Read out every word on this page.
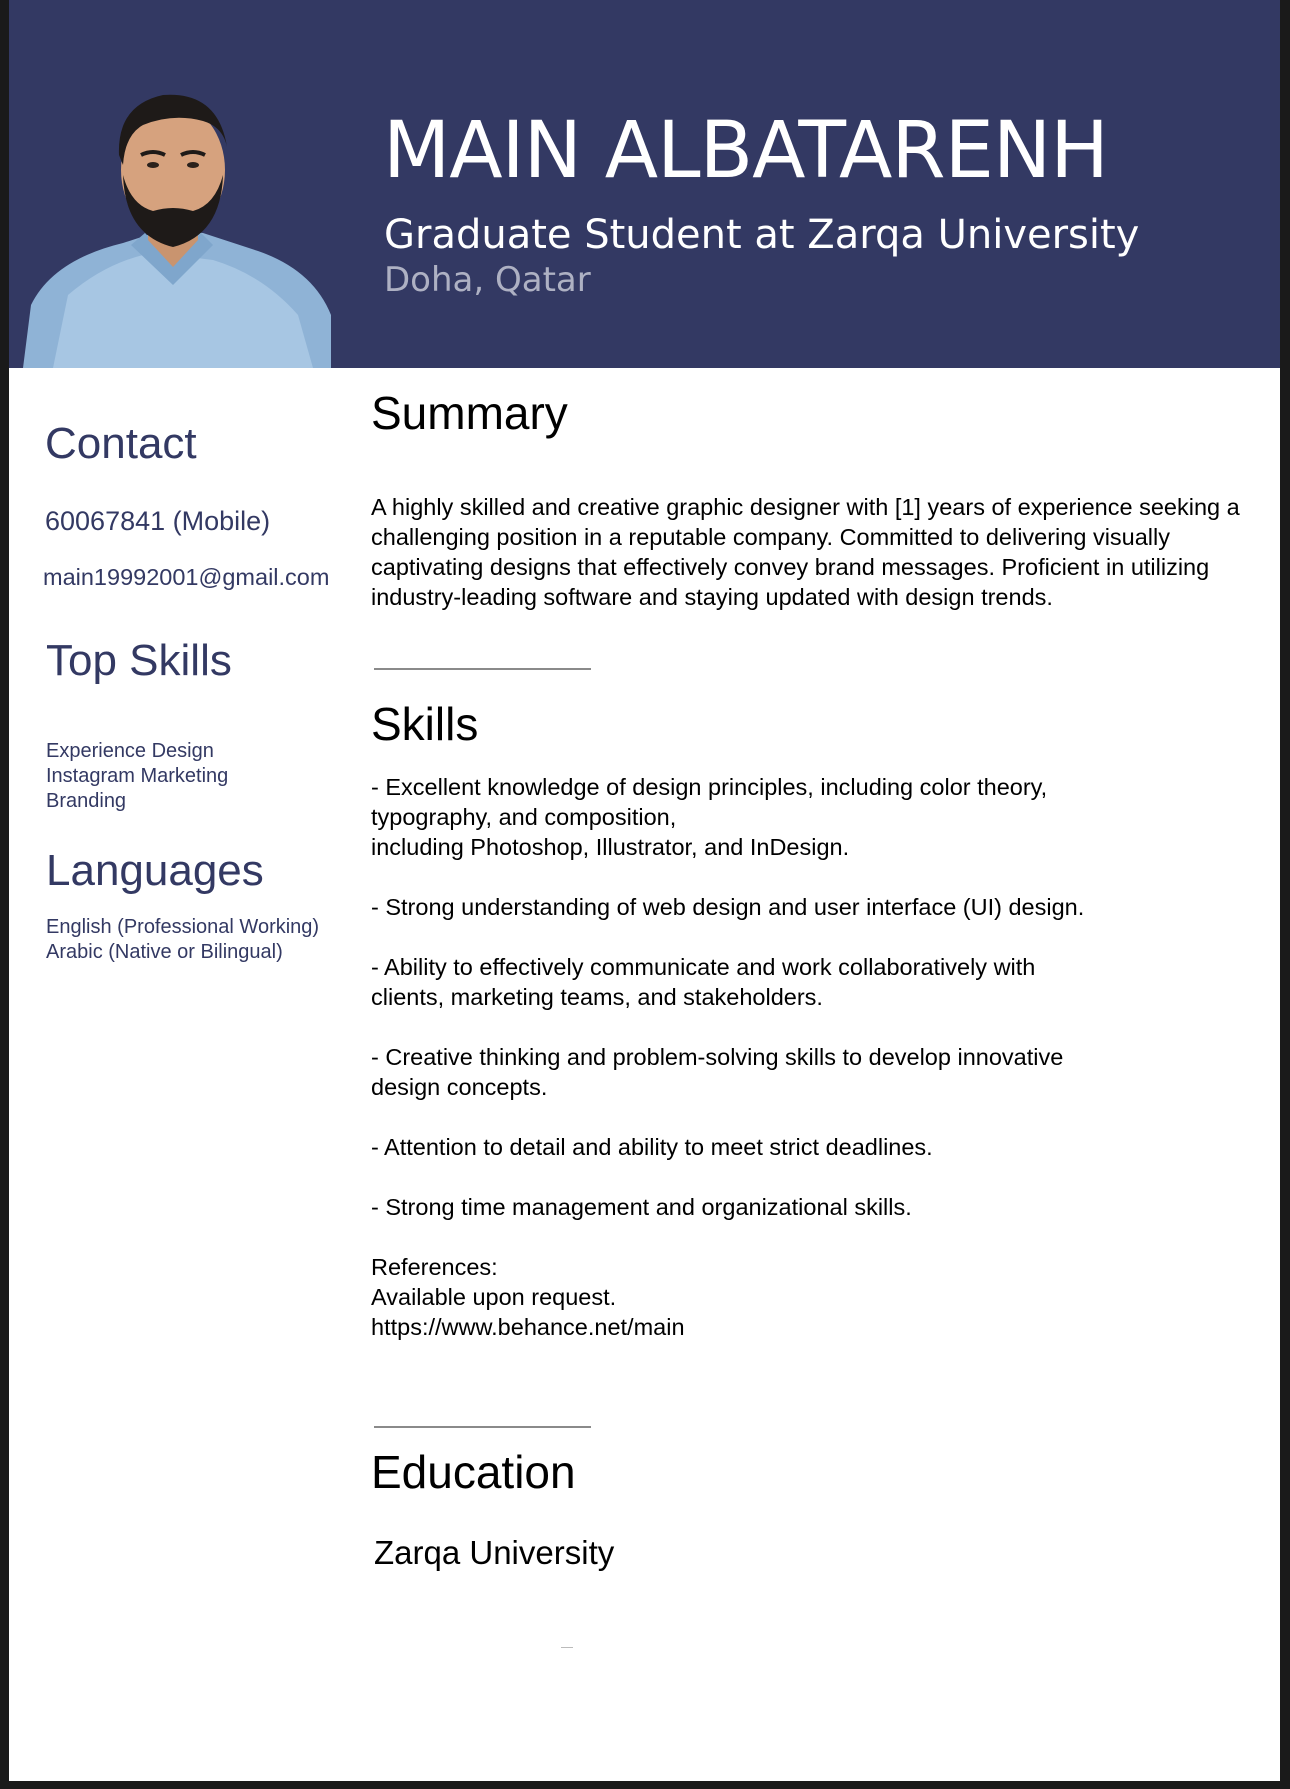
MAIN ALBATARENH
Graduate Student at Zarqa University
Doha, Qatar
Contact
60067841 (Mobile)
main19992001@gmail.com
Top Skills
Experience Design
Instagram Marketing
Branding
Languages
English (Professional Working)
Arabic (Native or Bilingual)
Summary
A highly skilled and creative graphic designer with [1] years of experience seeking a challenging position in a reputable company. Committed to delivering visually captivating designs that effectively convey brand messages. Proficient in utilizing industry-leading software and staying updated with design trends.
Skills
- Excellent knowledge of design principles, including color theory,
typography, and composition,
including Photoshop, Illustrator, and InDesign.
- Strong understanding of web design and user interface (UI) design.
- Ability to effectively communicate and work collaboratively with
clients, marketing teams, and stakeholders.
- Creative thinking and problem-solving skills to develop innovative
design concepts.
- Attention to detail and ability to meet strict deadlines.
- Strong time management and organizational skills.
References:
Available upon request.
https://www.behance.net/main
Education
Zarqa University
